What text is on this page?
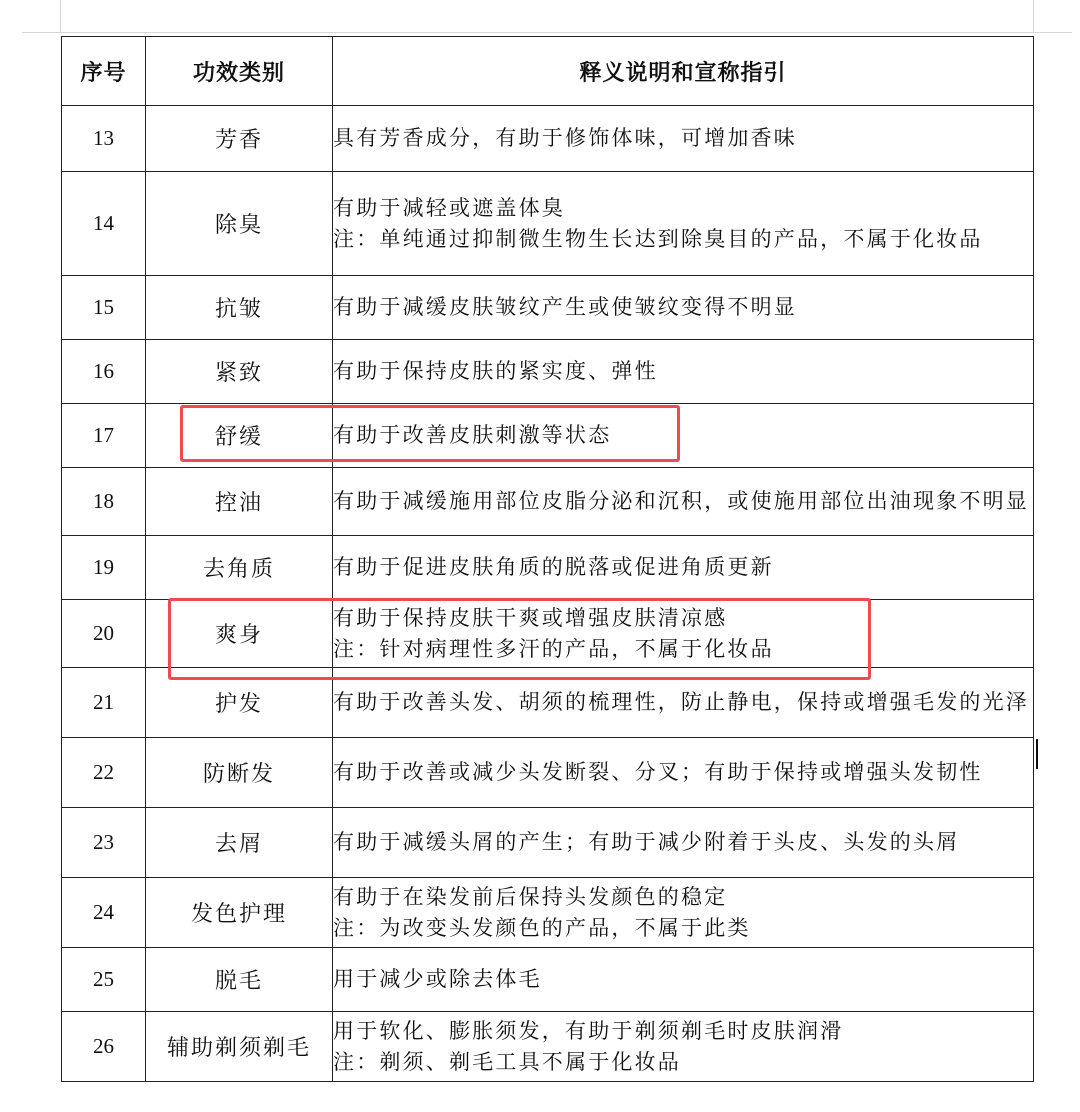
序号	功效类别	释义说明和宣称指引
13	芳香	具有芳香成分，有助于修饰体味，可增加香味

14	除臭	有助于减轻或遮盖体臭
注：单纯通过抑制微生物生长达到除臭目的产品，不属于化妆品

15	抗皱	有助于减缓皮肤皱纹产生或使皱纹变得不明显

16	紧致	有助于保持皮肤的紧实度、弹性

17	舒缓	有助于改善皮肤刺激等状态

18	控油	有助于减缓施用部位皮脂分泌和沉积，或使施用部位出油现象不明显

19	去角质	有助于促进皮肤角质的脱落或促进角质更新

20	爽身	有助于保持皮肤干爽或增强皮肤清凉感
注：针对病理性多汗的产品，不属于化妆品

21	护发	有助于改善头发、胡须的梳理性，防止静电，保持或增强毛发的光泽

22	防断发	有助于改善或减少头发断裂、分叉；有助于保持或增强头发韧性

23	去屑	有助于减缓头屑的产生；有助于减少附着于头皮、头发的头屑

24	发色护理	有助于在染发前后保持头发颜色的稳定
注：为改变头发颜色的产品，不属于此类

25	脱毛	用于减少或除去体毛

26	辅助剃须剃毛	用于软化、膨胀须发，有助于剃须剃毛时皮肤润滑
注：剃须、剃毛工具不属于化妆品
